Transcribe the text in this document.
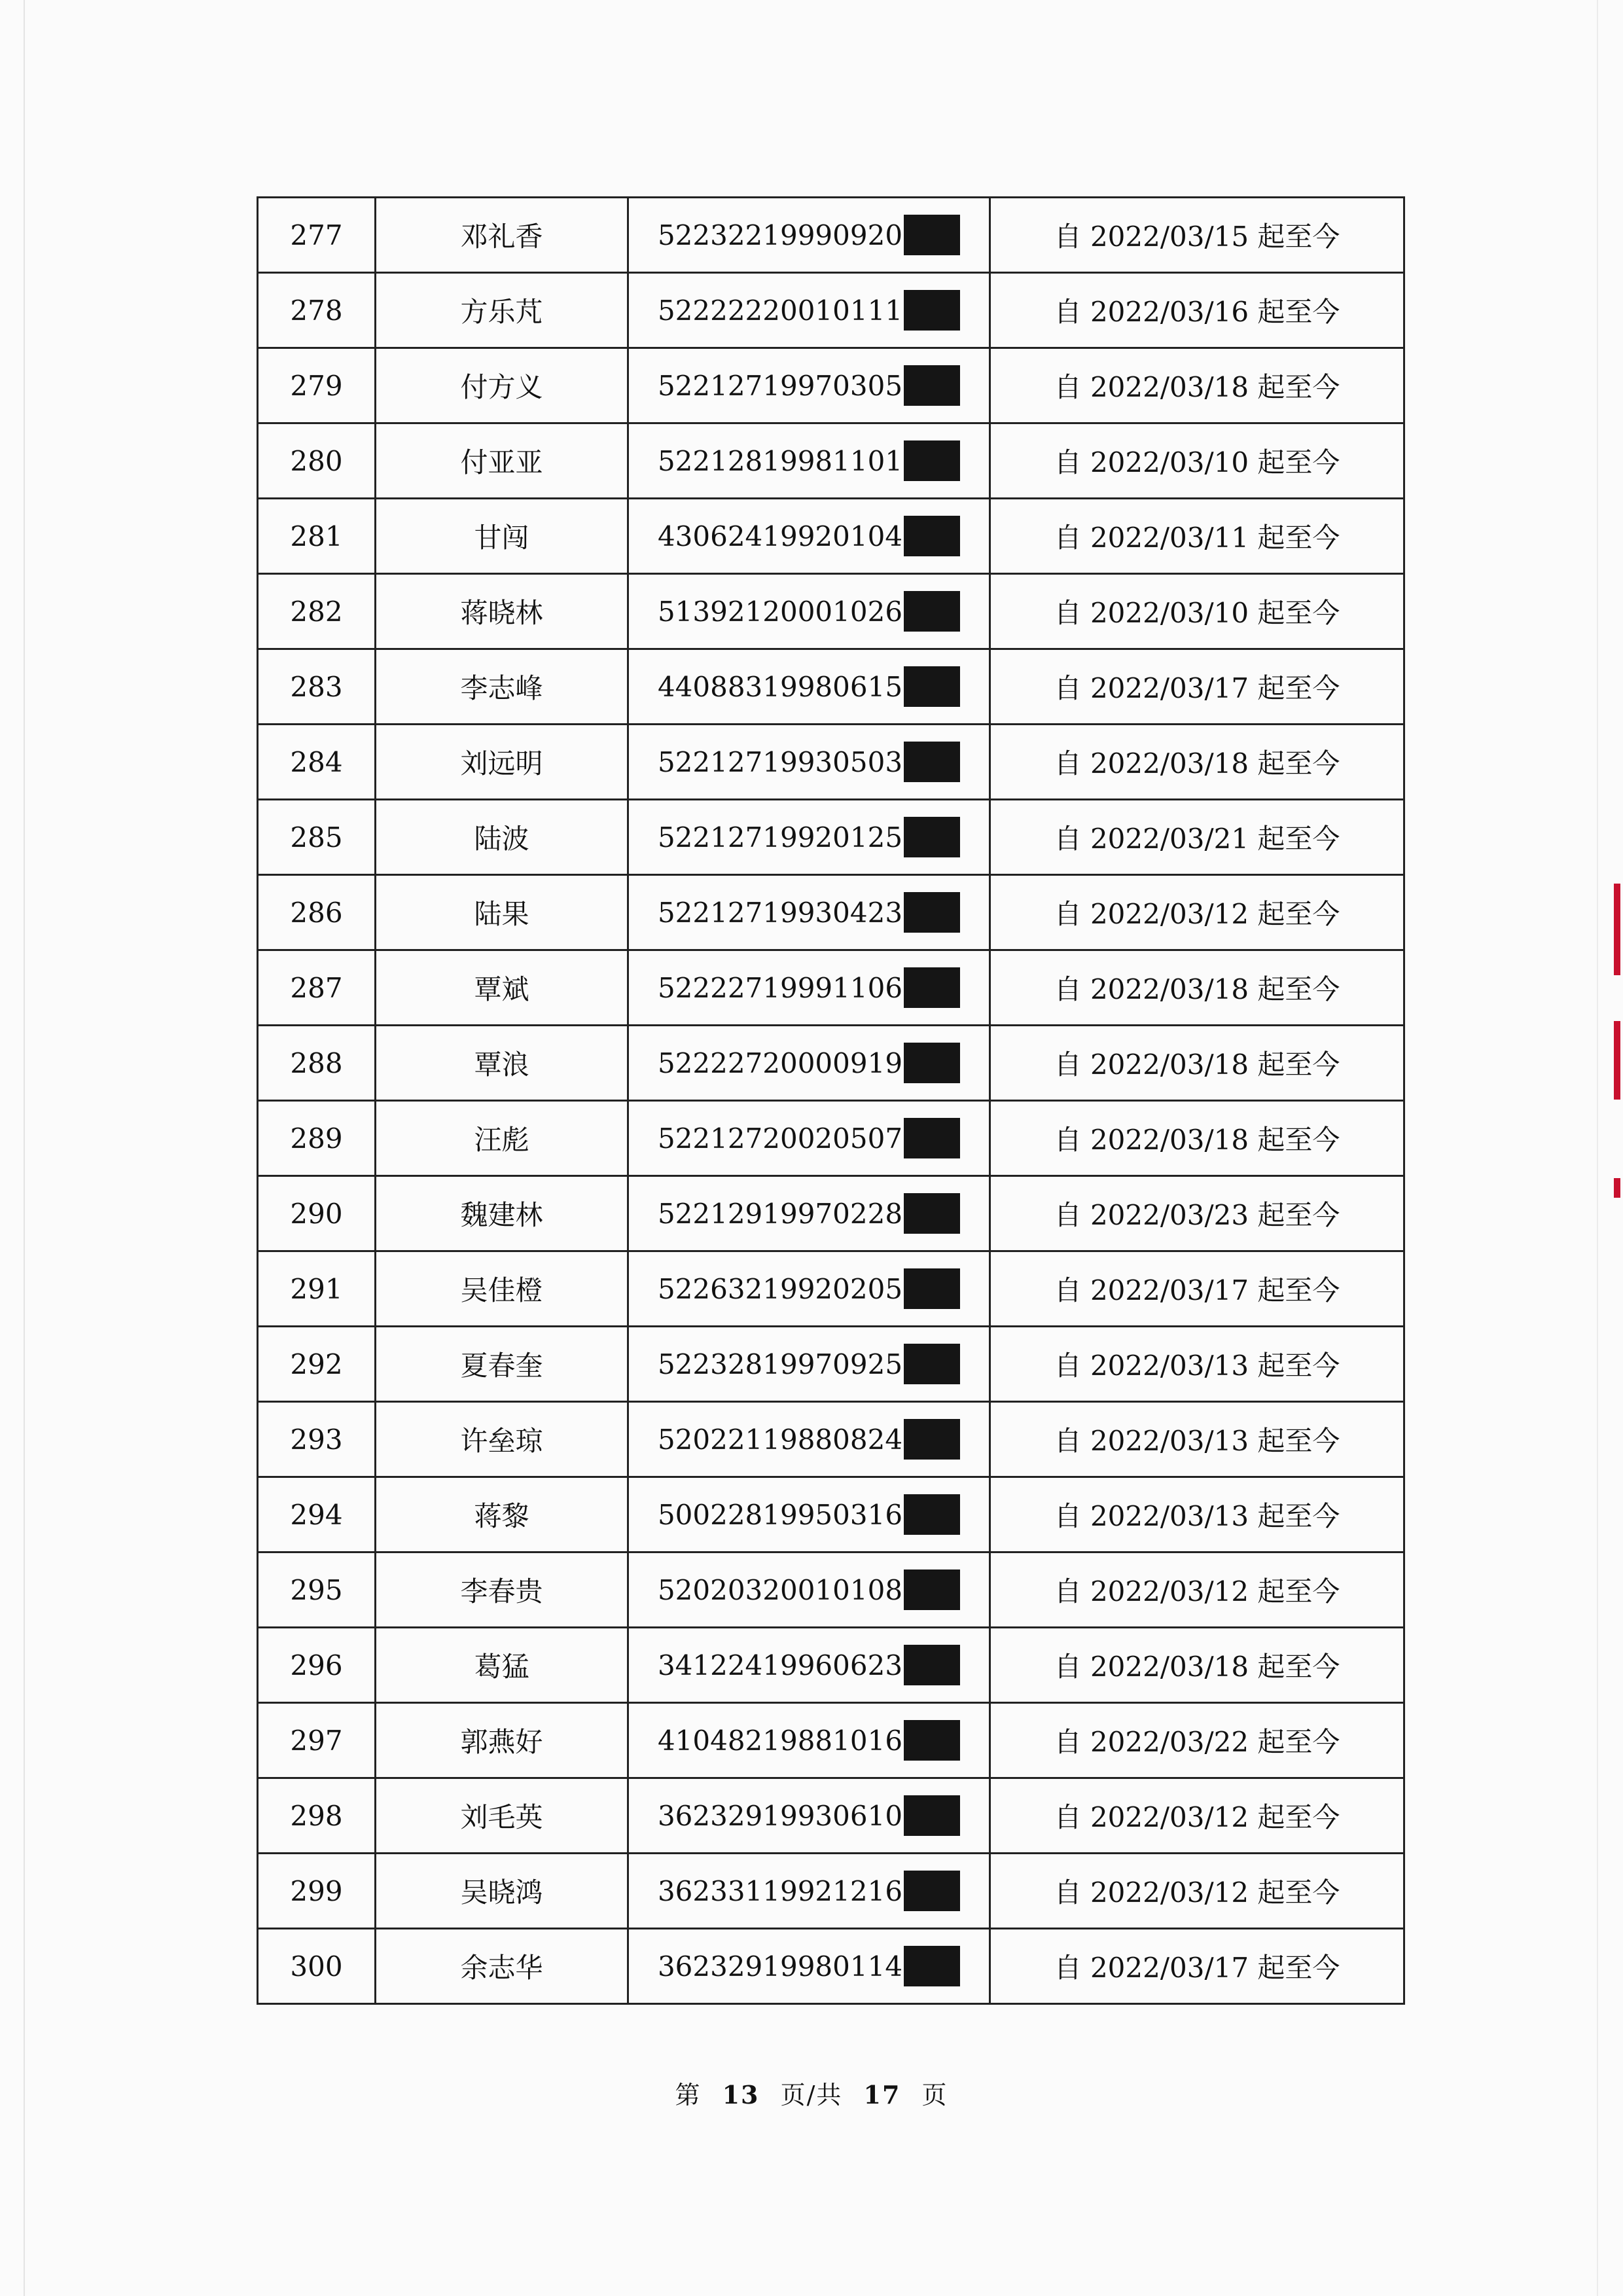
277	邓礼香	52232219990920	自 2022/03/15 起至今
278	方乐芃	52222220010111	自 2022/03/16 起至今
279	付方义	52212719970305	自 2022/03/18 起至今
280	付亚亚	52212819981101	自 2022/03/10 起至今
281	甘闯	43062419920104	自 2022/03/11 起至今
282	蒋晓林	51392120001026	自 2022/03/10 起至今
283	李志峰	44088319980615	自 2022/03/17 起至今
284	刘远明	52212719930503	自 2022/03/18 起至今
285	陆波	52212719920125	自 2022/03/21 起至今
286	陆果	52212719930423	自 2022/03/12 起至今
287	覃斌	52222719991106	自 2022/03/18 起至今
288	覃浪	52222720000919	自 2022/03/18 起至今
289	汪彪	52212720020507	自 2022/03/18 起至今
290	魏建林	52212919970228	自 2022/03/23 起至今
291	吴佳橙	52263219920205	自 2022/03/17 起至今
292	夏春奎	52232819970925	自 2022/03/13 起至今
293	许垒琼	52022119880824	自 2022/03/13 起至今
294	蒋黎	50022819950316	自 2022/03/13 起至今
295	李春贵	52020320010108	自 2022/03/12 起至今
296	葛猛	34122419960623	自 2022/03/18 起至今
297	郭燕好	41048219881016	自 2022/03/22 起至今
298	刘毛英	36232919930610	自 2022/03/12 起至今
299	吴晓鸿	36233119921216	自 2022/03/12 起至今
300	余志华	36232919980114	自 2022/03/17 起至今
第 13 页/共 17 页
